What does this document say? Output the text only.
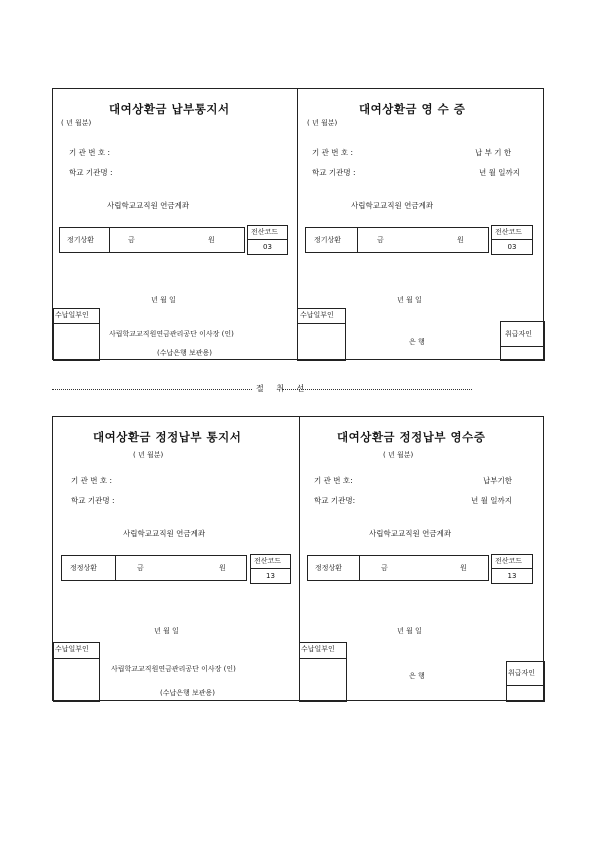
대여상환금 납부통지서
( 년 월분)
기 관 번 호 :
학교 기관명 :
사립학교교직원 연금계좌
정기상환	금	원
전산코드
03
년 월 일
수납일부인
사립학교교직원연금관리공단 이사장 (인)
(수납은행 보관용)
대여상환금 영 수 증
( 년 월분)
기 관 번 호 :	납 부 기 한
학교 기관명 :	년 월 일까지
사립학교교직원 연금계좌
정기상환	금	원
전산코드
03
년 월 일
수납일부인
은 행
취급자인
절 취 선
대여상환금 정정납부 통지서
( 년 월분)
기 관 번 호 :
학교 기관명 :
사립학교교직원 연금계좌
정정상환	금	원
전산코드
13
년 월 일
수납일부인
사립학교교직원연금관리공단 이사장 (인)
(수납은행 보관용)
대여상환금 정정납부 영수증
( 년 월분)
기 관 번 호:	납부기한
학교 기관명:	년 월 일까지
사립학교교직원 연금계좌
정정상환	금	원
전산코드
13
년 월 일
수납일부인
은 행	취급자인
